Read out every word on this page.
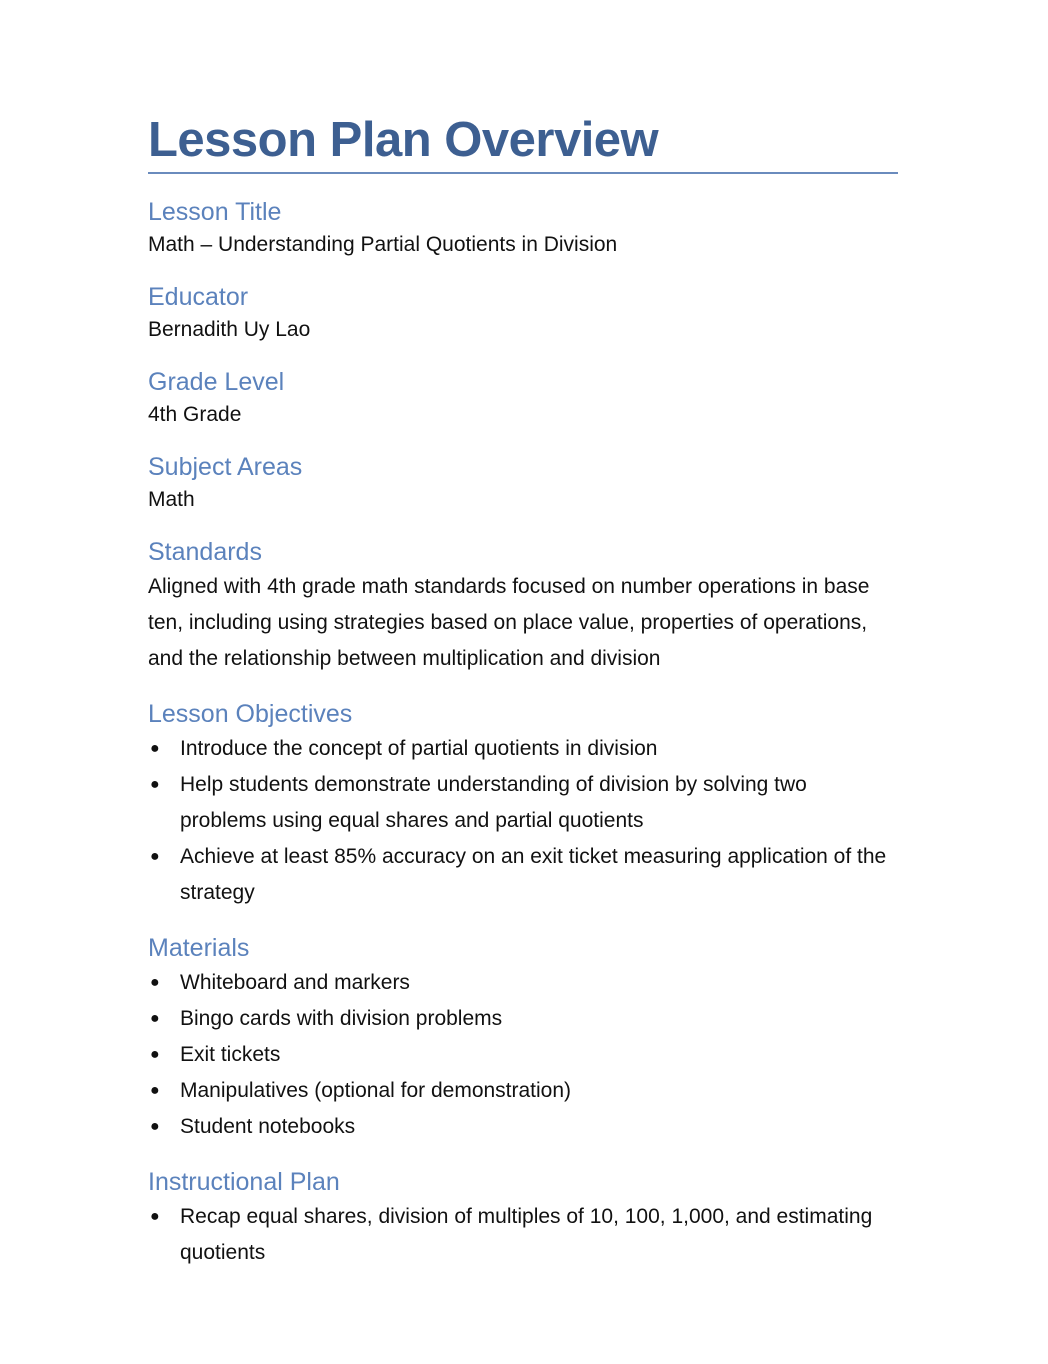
Lesson Plan Overview
Lesson Title

Math – Understanding Partial Quotients in Division

Educator

Bernadith Uy Lao

Grade Level

4th Grade

Subject Areas

Math

Standards

Aligned with 4th grade math standards focused on number operations in base ten, including using strategies based on place value, properties of operations, and the relationship between multiplication and division

Lesson Objectives
● Introduce the concept of partial quotients in division
● Help students demonstrate understanding of division by solving two problems using equal shares and partial quotients
● Achieve at least 85% accuracy on an exit ticket measuring application of the strategy
Materials
● Whiteboard and markers
● Bingo cards with division problems
● Exit tickets
● Manipulatives (optional for demonstration)
● Student notebooks
Instructional Plan
● Recap equal shares, division of multiples of 10, 100, 1,000, and estimating quotients
